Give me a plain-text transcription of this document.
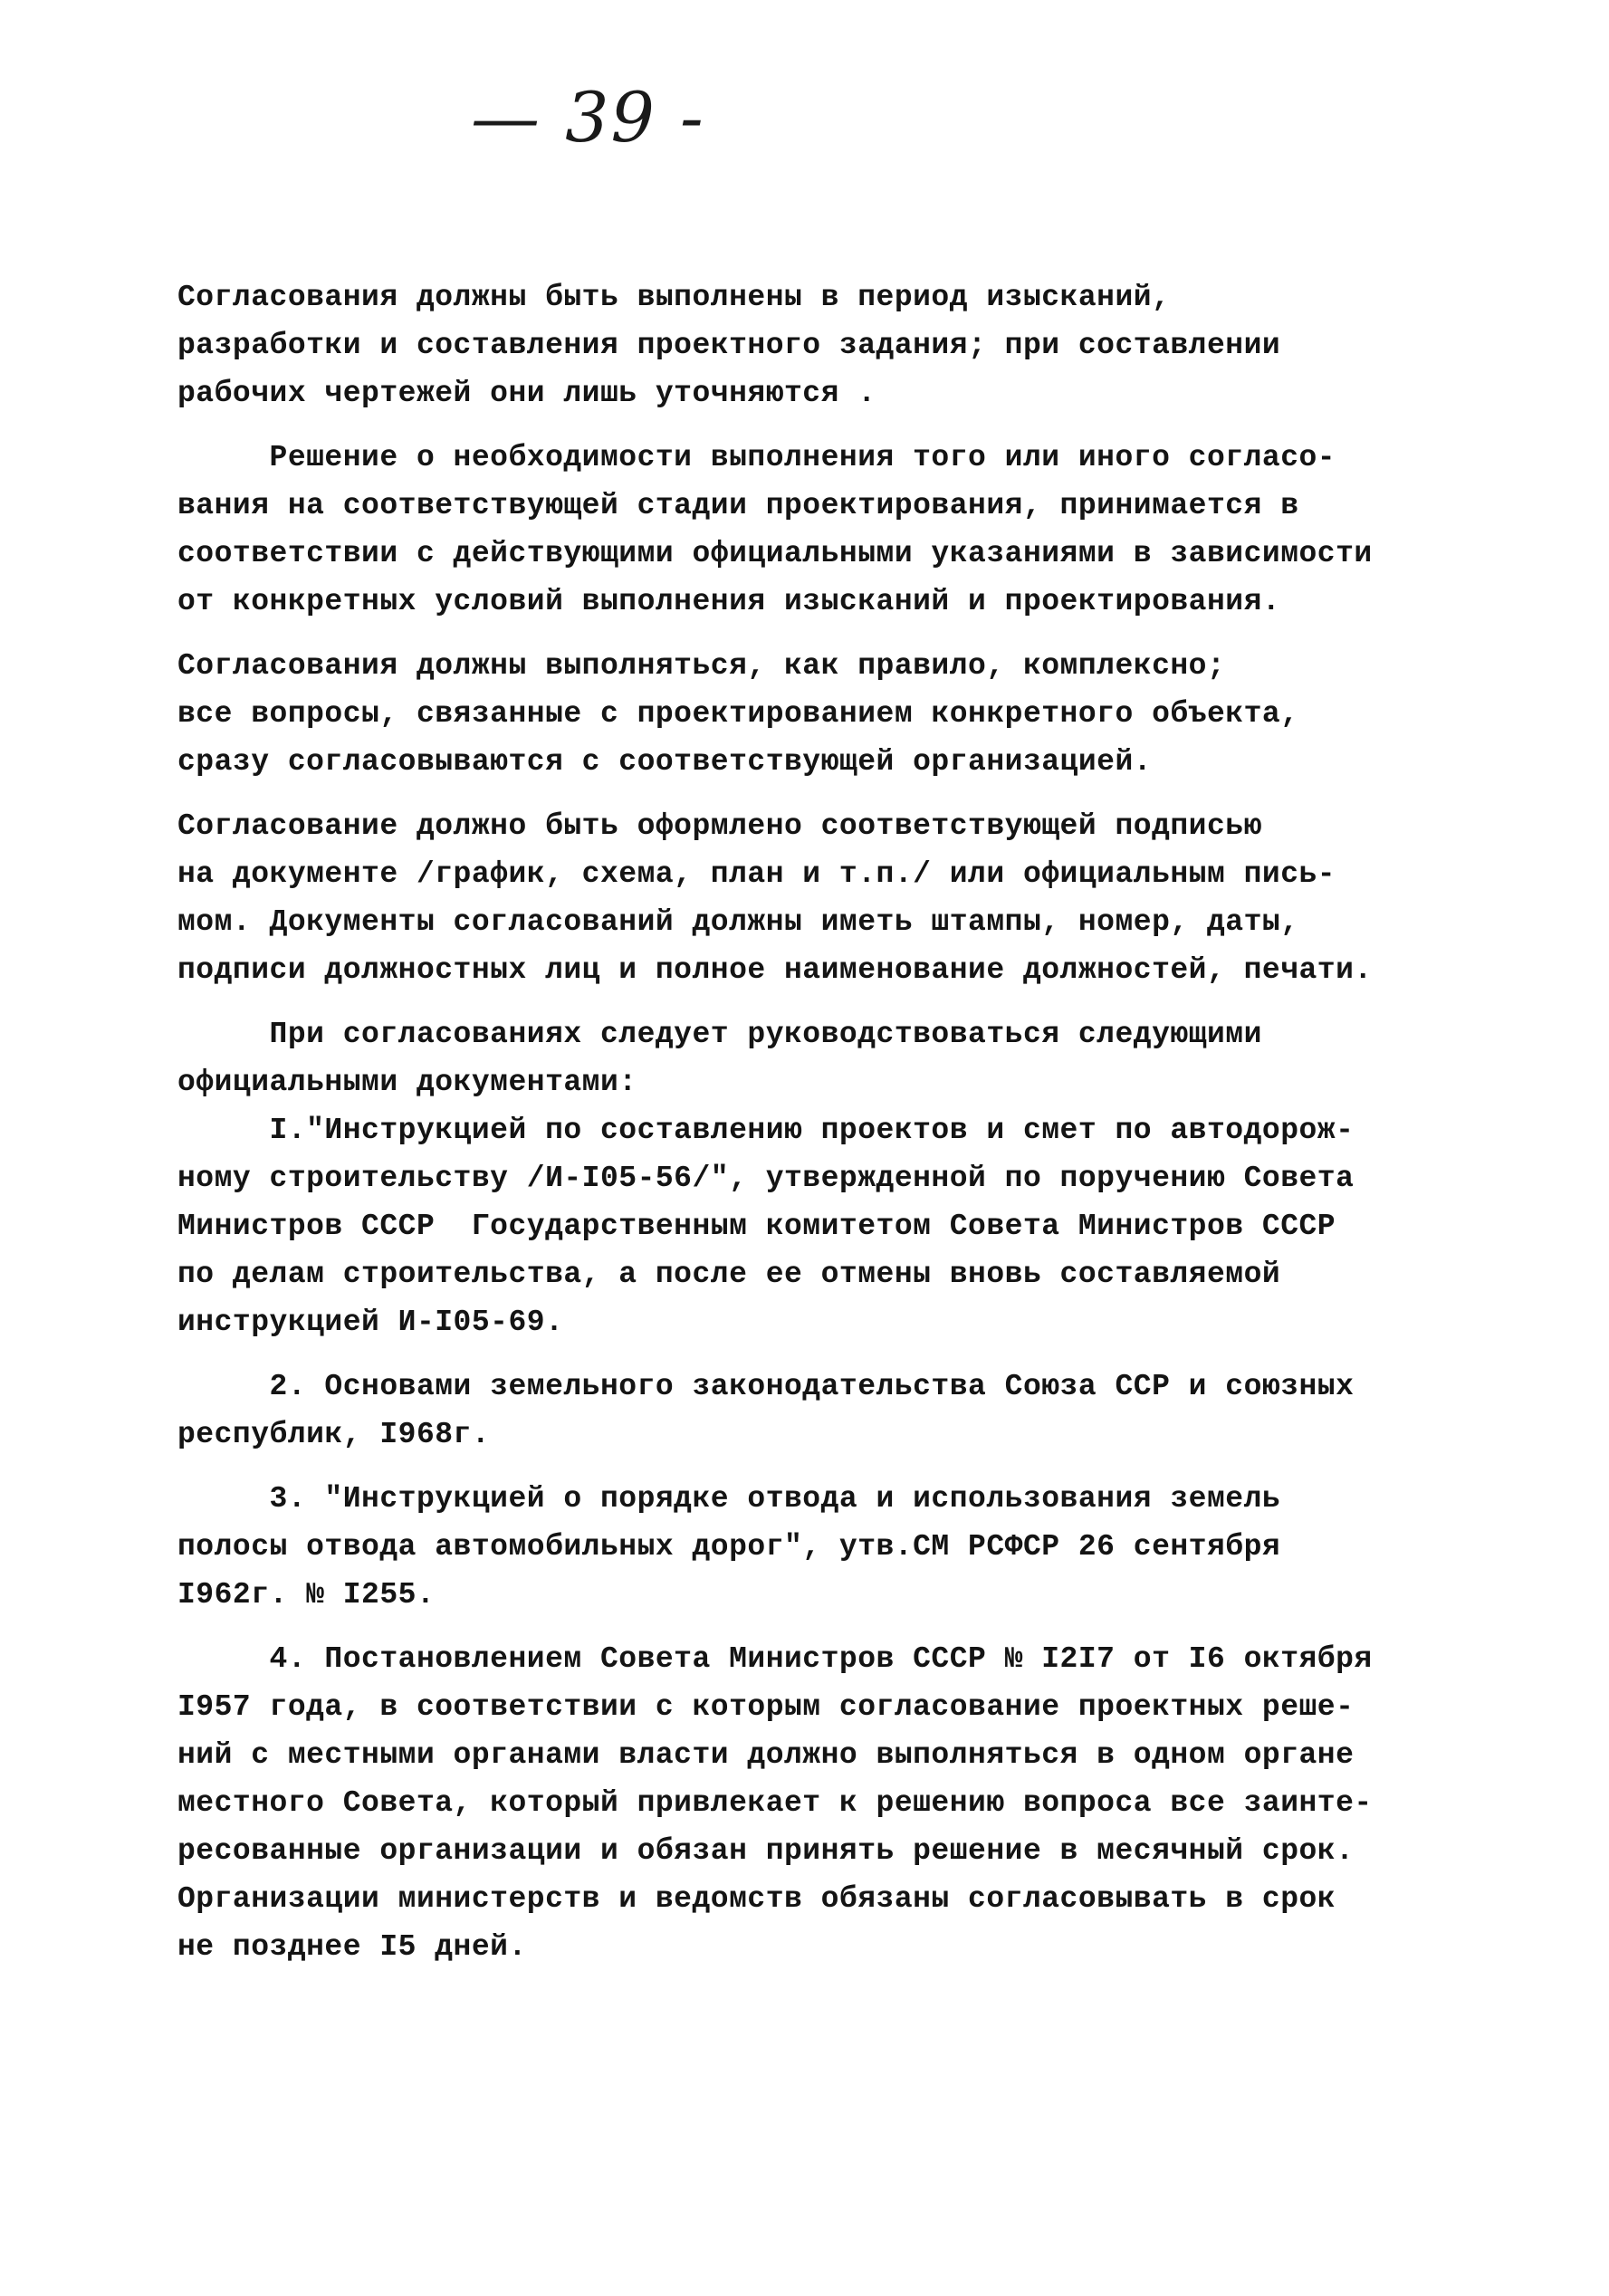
— 39 -
Согласования должны быть выполнены в период изысканий,
разработки и составления проектного задания; при составлении
рабочих чертежей они лишь уточняются .
Решение о необходимости выполнения того или иного согласо-
вания на соответствующей стадии проектирования, принимается в
соответствии с действующими официальными указаниями в зависимости
от конкретных условий выполнения изысканий и проектирования.
Согласования должны выполняться, как правило, комплексно;
все вопросы, связанные с проектированием конкретного объекта,
сразу согласовываются с соответствующей организацией.
Согласование должно быть оформлено соответствующей подписью
на документе /график, схема, план и т.п./ или официальным пись-
мом. Документы согласований должны иметь штампы, номер, даты,
подписи должностных лиц и полное наименование должностей, печати.
При согласованиях следует руководствоваться следующими
официальными документами:
I."Инструкцией по составлению проектов и смет по автодорож-
ному строительству /И-I05-56/", утвержденной по поручению Совета
Министров СССР  Государственным комитетом Совета Министров СССР
по делам строительства, а после ее отмены вновь составляемой
инструкцией И-I05-69.
2. Основами земельного законодательства Союза ССР и союзных
республик, I968г.
3. "Инструкцией о порядке отвода и использования земель
полосы отвода автомобильных дорог", утв.СМ РСФСР 26 сентября
I962г. № I255.
4. Постановлением Совета Министров СССР № I2I7 от I6 октября
I957 года, в соответствии с которым согласование проектных реше-
ний с местными органами власти должно выполняться в одном органе
местного Совета, который привлекает к решению вопроса все заинте-
ресованные организации и обязан принять решение в месячный срок.
Организации министерств и ведомств обязаны согласовывать в срок
не позднее I5 дней.
